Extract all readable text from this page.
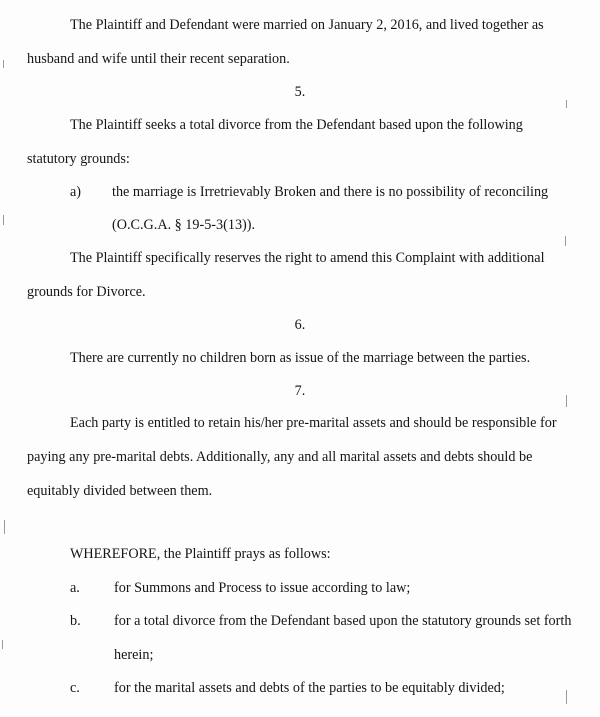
The Plaintiff and Defendant were married on January 2, 2016, and lived together as
husband and wife until their recent separation.
5.
The Plaintiff seeks a total divorce from the Defendant based upon the following
statutory grounds:
a) the marriage is Irretrievably Broken and there is no possibility of reconciling
(O.C.G.A. § 19-5-3(13)).
The Plaintiff specifically reserves the right to amend this Complaint with additional
grounds for Divorce.
6.
There are currently no children born as issue of the marriage between the parties.
7.
Each party is entitled to retain his/her pre-marital assets and should be responsible for
paying any pre-marital debts. Additionally, any and all marital assets and debts should be
equitably divided between them.
WHEREFORE, the Plaintiff prays as follows:
a. for Summons and Process to issue according to law;
b. for a total divorce from the Defendant based upon the statutory grounds set forth
herein;
c. for the marital assets and debts of the parties to be equitably divided;
